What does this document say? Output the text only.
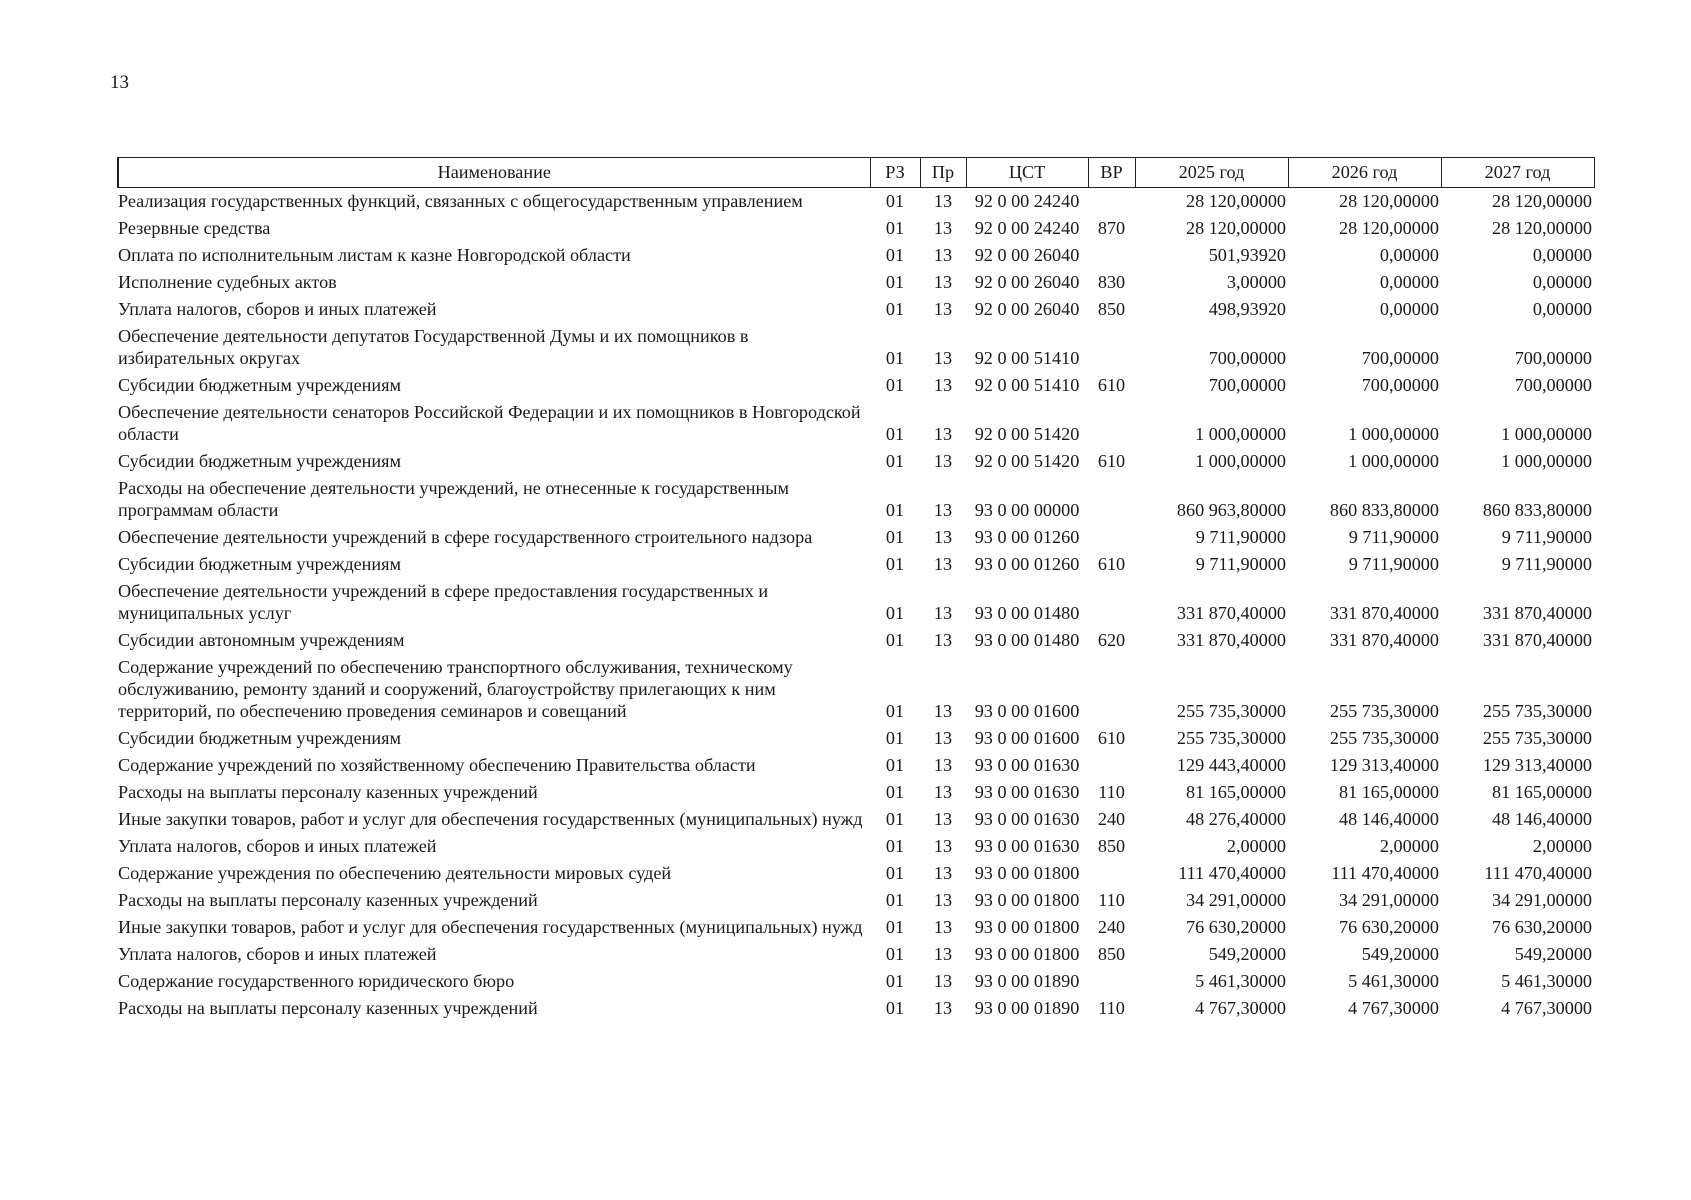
13
Наименование	РЗ	Пр	ЦСТ	ВР	2025 год	2026 год	2027 год
Реализация государственных функций, связанных с общегосударственным управлением	01	13	92 0 00 24240		28 120,00000	28 120,00000	28 120,00000
Резервные средства	01	13	92 0 00 24240	870	28 120,00000	28 120,00000	28 120,00000
Оплата по исполнительным листам к казне Новгородской области	01	13	92 0 00 26040		501,93920	0,00000	0,00000
Исполнение судебных актов	01	13	92 0 00 26040	830	3,00000	0,00000	0,00000
Уплата налогов, сборов и иных платежей	01	13	92 0 00 26040	850	498,93920	0,00000	0,00000
Обеспечение деятельности депутатов Государственной Думы и их помощников в избирательных округах	01	13	92 0 00 51410		700,00000	700,00000	700,00000
Субсидии бюджетным учреждениям	01	13	92 0 00 51410	610	700,00000	700,00000	700,00000
Обеспечение деятельности сенаторов Российской Федерации и их помощников в Новгородской области	01	13	92 0 00 51420		1 000,00000	1 000,00000	1 000,00000
Субсидии бюджетным учреждениям	01	13	92 0 00 51420	610	1 000,00000	1 000,00000	1 000,00000
Расходы на обеспечение деятельности учреждений, не отнесенные к государственным программам области	01	13	93 0 00 00000		860 963,80000	860 833,80000	860 833,80000
Обеспечение деятельности учреждений в сфере государственного строительного надзора	01	13	93 0 00 01260		9 711,90000	9 711,90000	9 711,90000
Субсидии бюджетным учреждениям	01	13	93 0 00 01260	610	9 711,90000	9 711,90000	9 711,90000
Обеспечение деятельности учреждений в сфере предоставления государственных и муниципальных услуг	01	13	93 0 00 01480		331 870,40000	331 870,40000	331 870,40000
Субсидии автономным учреждениям	01	13	93 0 00 01480	620	331 870,40000	331 870,40000	331 870,40000
Содержание учреждений по обеспечению транспортного обслуживания, техническому обслуживанию, ремонту зданий и сооружений, благоустройству прилегающих к ним территорий, по обеспечению проведения семинаров и совещаний	01	13	93 0 00 01600		255 735,30000	255 735,30000	255 735,30000
Субсидии бюджетным учреждениям	01	13	93 0 00 01600	610	255 735,30000	255 735,30000	255 735,30000
Содержание учреждений по хозяйственному обеспечению Правительства области	01	13	93 0 00 01630		129 443,40000	129 313,40000	129 313,40000
Расходы на выплаты персоналу казенных учреждений	01	13	93 0 00 01630	110	81 165,00000	81 165,00000	81 165,00000
Иные закупки товаров, работ и услуг для обеспечения государственных (муниципальных) нужд	01	13	93 0 00 01630	240	48 276,40000	48 146,40000	48 146,40000
Уплата налогов, сборов и иных платежей	01	13	93 0 00 01630	850	2,00000	2,00000	2,00000
Содержание учреждения по обеспечению деятельности мировых судей	01	13	93 0 00 01800		111 470,40000	111 470,40000	111 470,40000
Расходы на выплаты персоналу казенных учреждений	01	13	93 0 00 01800	110	34 291,00000	34 291,00000	34 291,00000
Иные закупки товаров, работ и услуг для обеспечения государственных (муниципальных) нужд	01	13	93 0 00 01800	240	76 630,20000	76 630,20000	76 630,20000
Уплата налогов, сборов и иных платежей	01	13	93 0 00 01800	850	549,20000	549,20000	549,20000
Содержание государственного юридического бюро	01	13	93 0 00 01890		5 461,30000	5 461,30000	5 461,30000
Расходы на выплаты персоналу казенных учреждений	01	13	93 0 00 01890	110	4 767,30000	4 767,30000	4 767,30000
